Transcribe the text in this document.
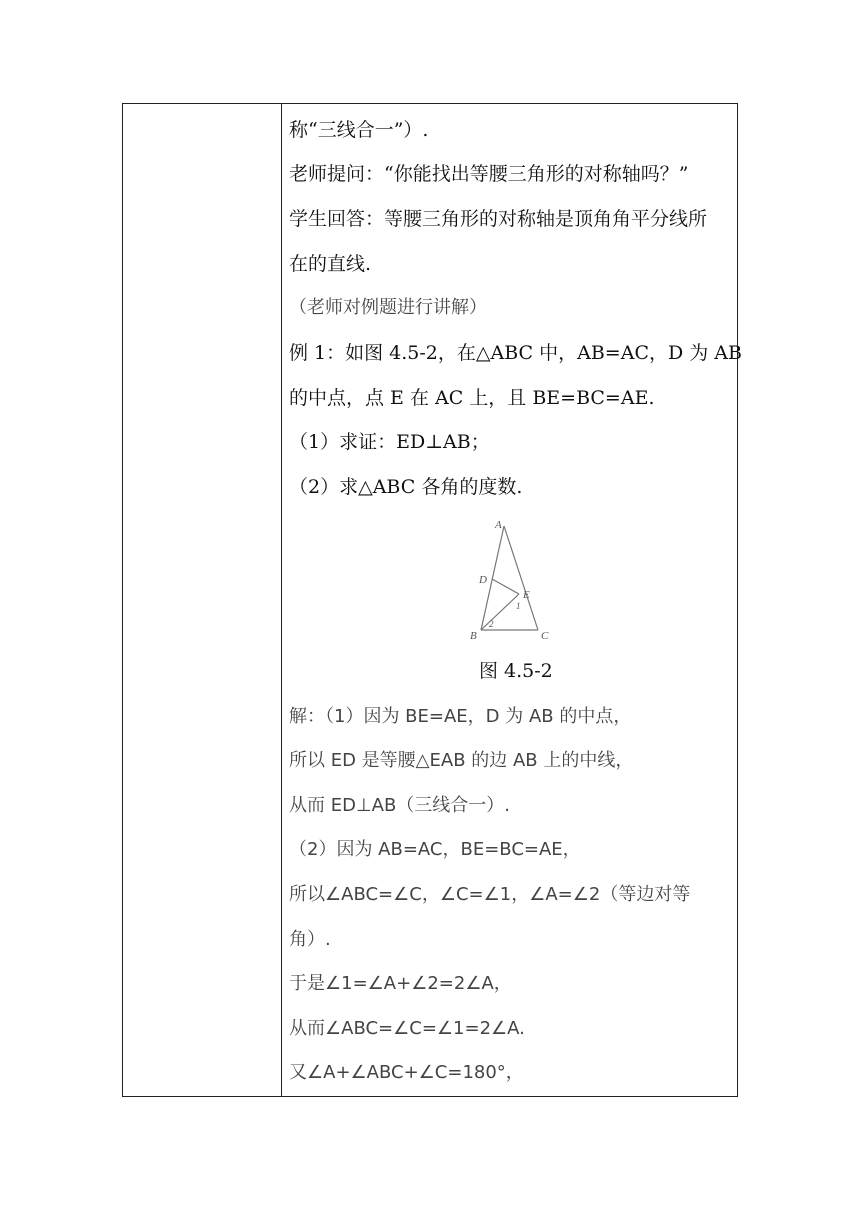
称“三线合一”）.
老师提问：“你能找出等腰三角形的对称轴吗？”
学生回答：等腰三角形的对称轴是顶角角平分线所
在的直线.
（老师对例题进行讲解）
例 1：如图 4.5-2，在△ABC 中，AB=AC，D 为 AB
的中点，点 E 在 AC 上，且 BE=BC=AE.
（1）求证：ED⊥AB；
（2）求△ABC 各角的度数.
A
B	C
D
E
1
2
图 4.5-2
解：（1）因为 BE=AE，D 为 AB 的中点，
所以 ED 是等腰△EAB 的边 AB 上的中线，
从而 ED⊥AB（三线合一）.
（2）因为 AB=AC，BE=BC=AE，
所以∠ABC=∠C，∠C=∠1，∠A=∠2（等边对等
角）.
于是∠1=∠A+∠2=2∠A，
从而∠ABC=∠C=∠1=2∠A.
又∠A+∠ABC+∠C=180°，
